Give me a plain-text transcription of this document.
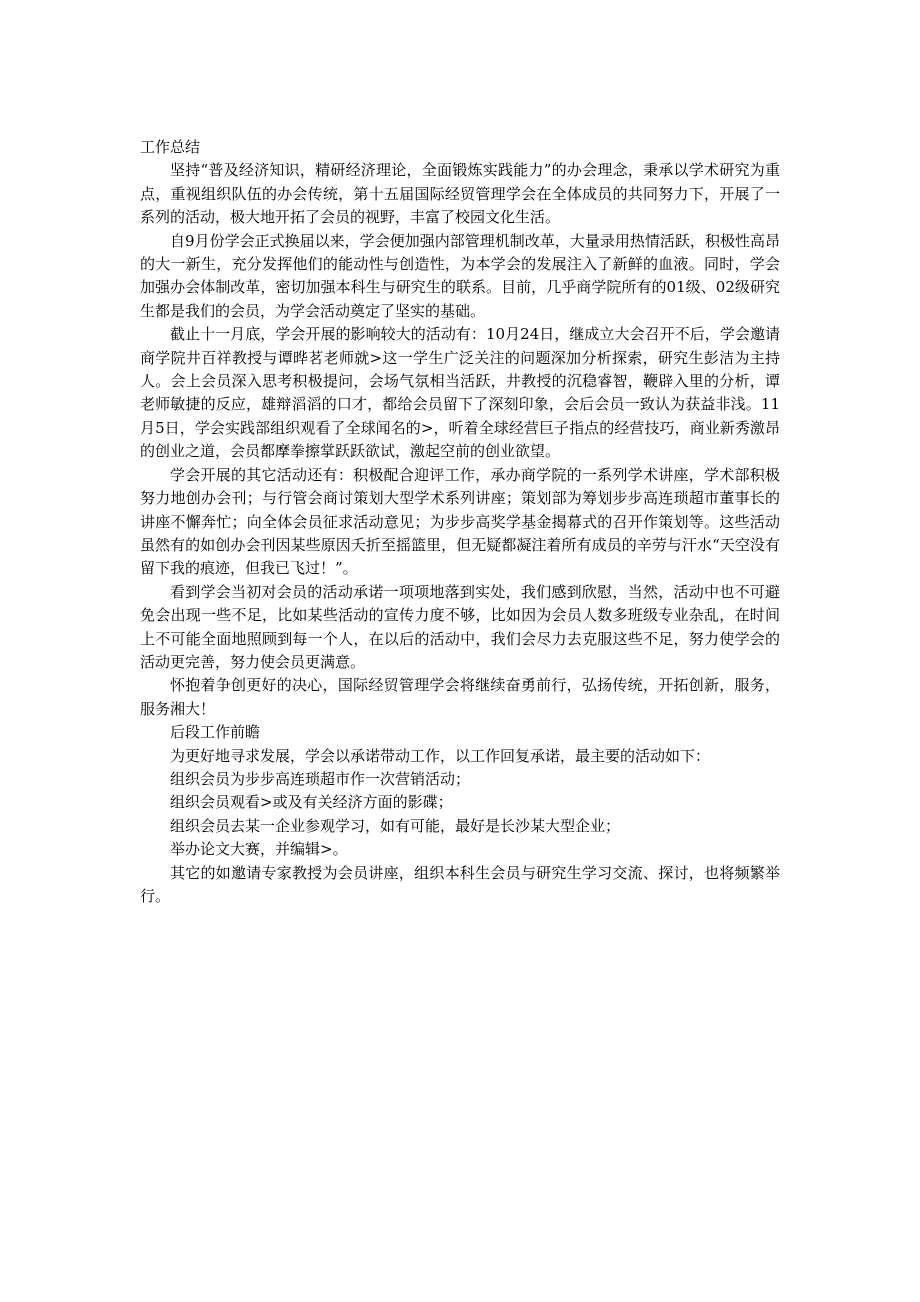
工作总结

坚持“普及经济知识，精研经济理论，全面锻炼实践能力”的办会理念，秉承以学术研究为重点，重视组织队伍的办会传统，第十五届国际经贸管理学会在全体成员的共同努力下，开展了一系列的活动，极大地开拓了会员的视野，丰富了校园文化生活。

自9月份学会正式换届以来，学会便加强内部管理机制改革，大量录用热情活跃，积极性高昂的大一新生，充分发挥他们的能动性与创造性，为本学会的发展注入了新鲜的血液。同时，学会加强办会体制改革，密切加强本科生与研究生的联系。目前，几乎商学院所有的01级、02级研究生都是我们的会员，为学会活动奠定了坚实的基础。

截止十一月底，学会开展的影响较大的活动有：10月24日，继成立大会召开不后，学会邀请商学院井百祥教授与谭晔茗老师就>这一学生广泛关注的问题深加分析探索，研究生彭洁为主持人。会上会员深入思考积极提问，会场气氛相当活跃，井教授的沉稳睿智，鞭辟入里的分析，谭老师敏捷的反应，雄辩滔滔的口才，都给会员留下了深刻印象，会后会员一致认为获益非浅。11月5日，学会实践部组织观看了全球闻名的>，听着全球经营巨子指点的经营技巧，商业新秀激昂的创业之道，会员都摩拳擦掌跃跃欲试，激起空前的创业欲望。

学会开展的其它活动还有：积极配合迎评工作，承办商学院的一系列学术讲座，学术部积极努力地创办会刊；与行管会商讨策划大型学术系列讲座；策划部为筹划步步高连琐超市董事长的讲座不懈奔忙；向全体会员征求活动意见；为步步高奖学基金揭幕式的召开作策划等。这些活动虽然有的如创办会刊因某些原因夭折至摇篮里，但无疑都凝注着所有成员的辛劳与汗水“天空没有留下我的痕迹，但我已飞过！”。

看到学会当初对会员的活动承诺一项项地落到实处，我们感到欣慰，当然，活动中也不可避免会出现一些不足，比如某些活动的宣传力度不够，比如因为会员人数多班级专业杂乱，在时间上不可能全面地照顾到每一个人，在以后的活动中，我们会尽力去克服这些不足，努力使学会的活动更完善，努力使会员更满意。

怀抱着争创更好的决心，国际经贸管理学会将继续奋勇前行，弘扬传统，开拓创新，服务，服务湘大！

后段工作前瞻

为更好地寻求发展，学会以承诺带动工作，以工作回复承诺，最主要的活动如下：

组织会员为步步高连琐超市作一次营销活动；

组织会员观看>或及有关经济方面的影碟；

组织会员去某一企业参观学习，如有可能，最好是长沙某大型企业；

举办论文大赛，并编辑>。

其它的如邀请专家教授为会员讲座，组织本科生会员与研究生学习交流、探讨，也将频繁举行。
